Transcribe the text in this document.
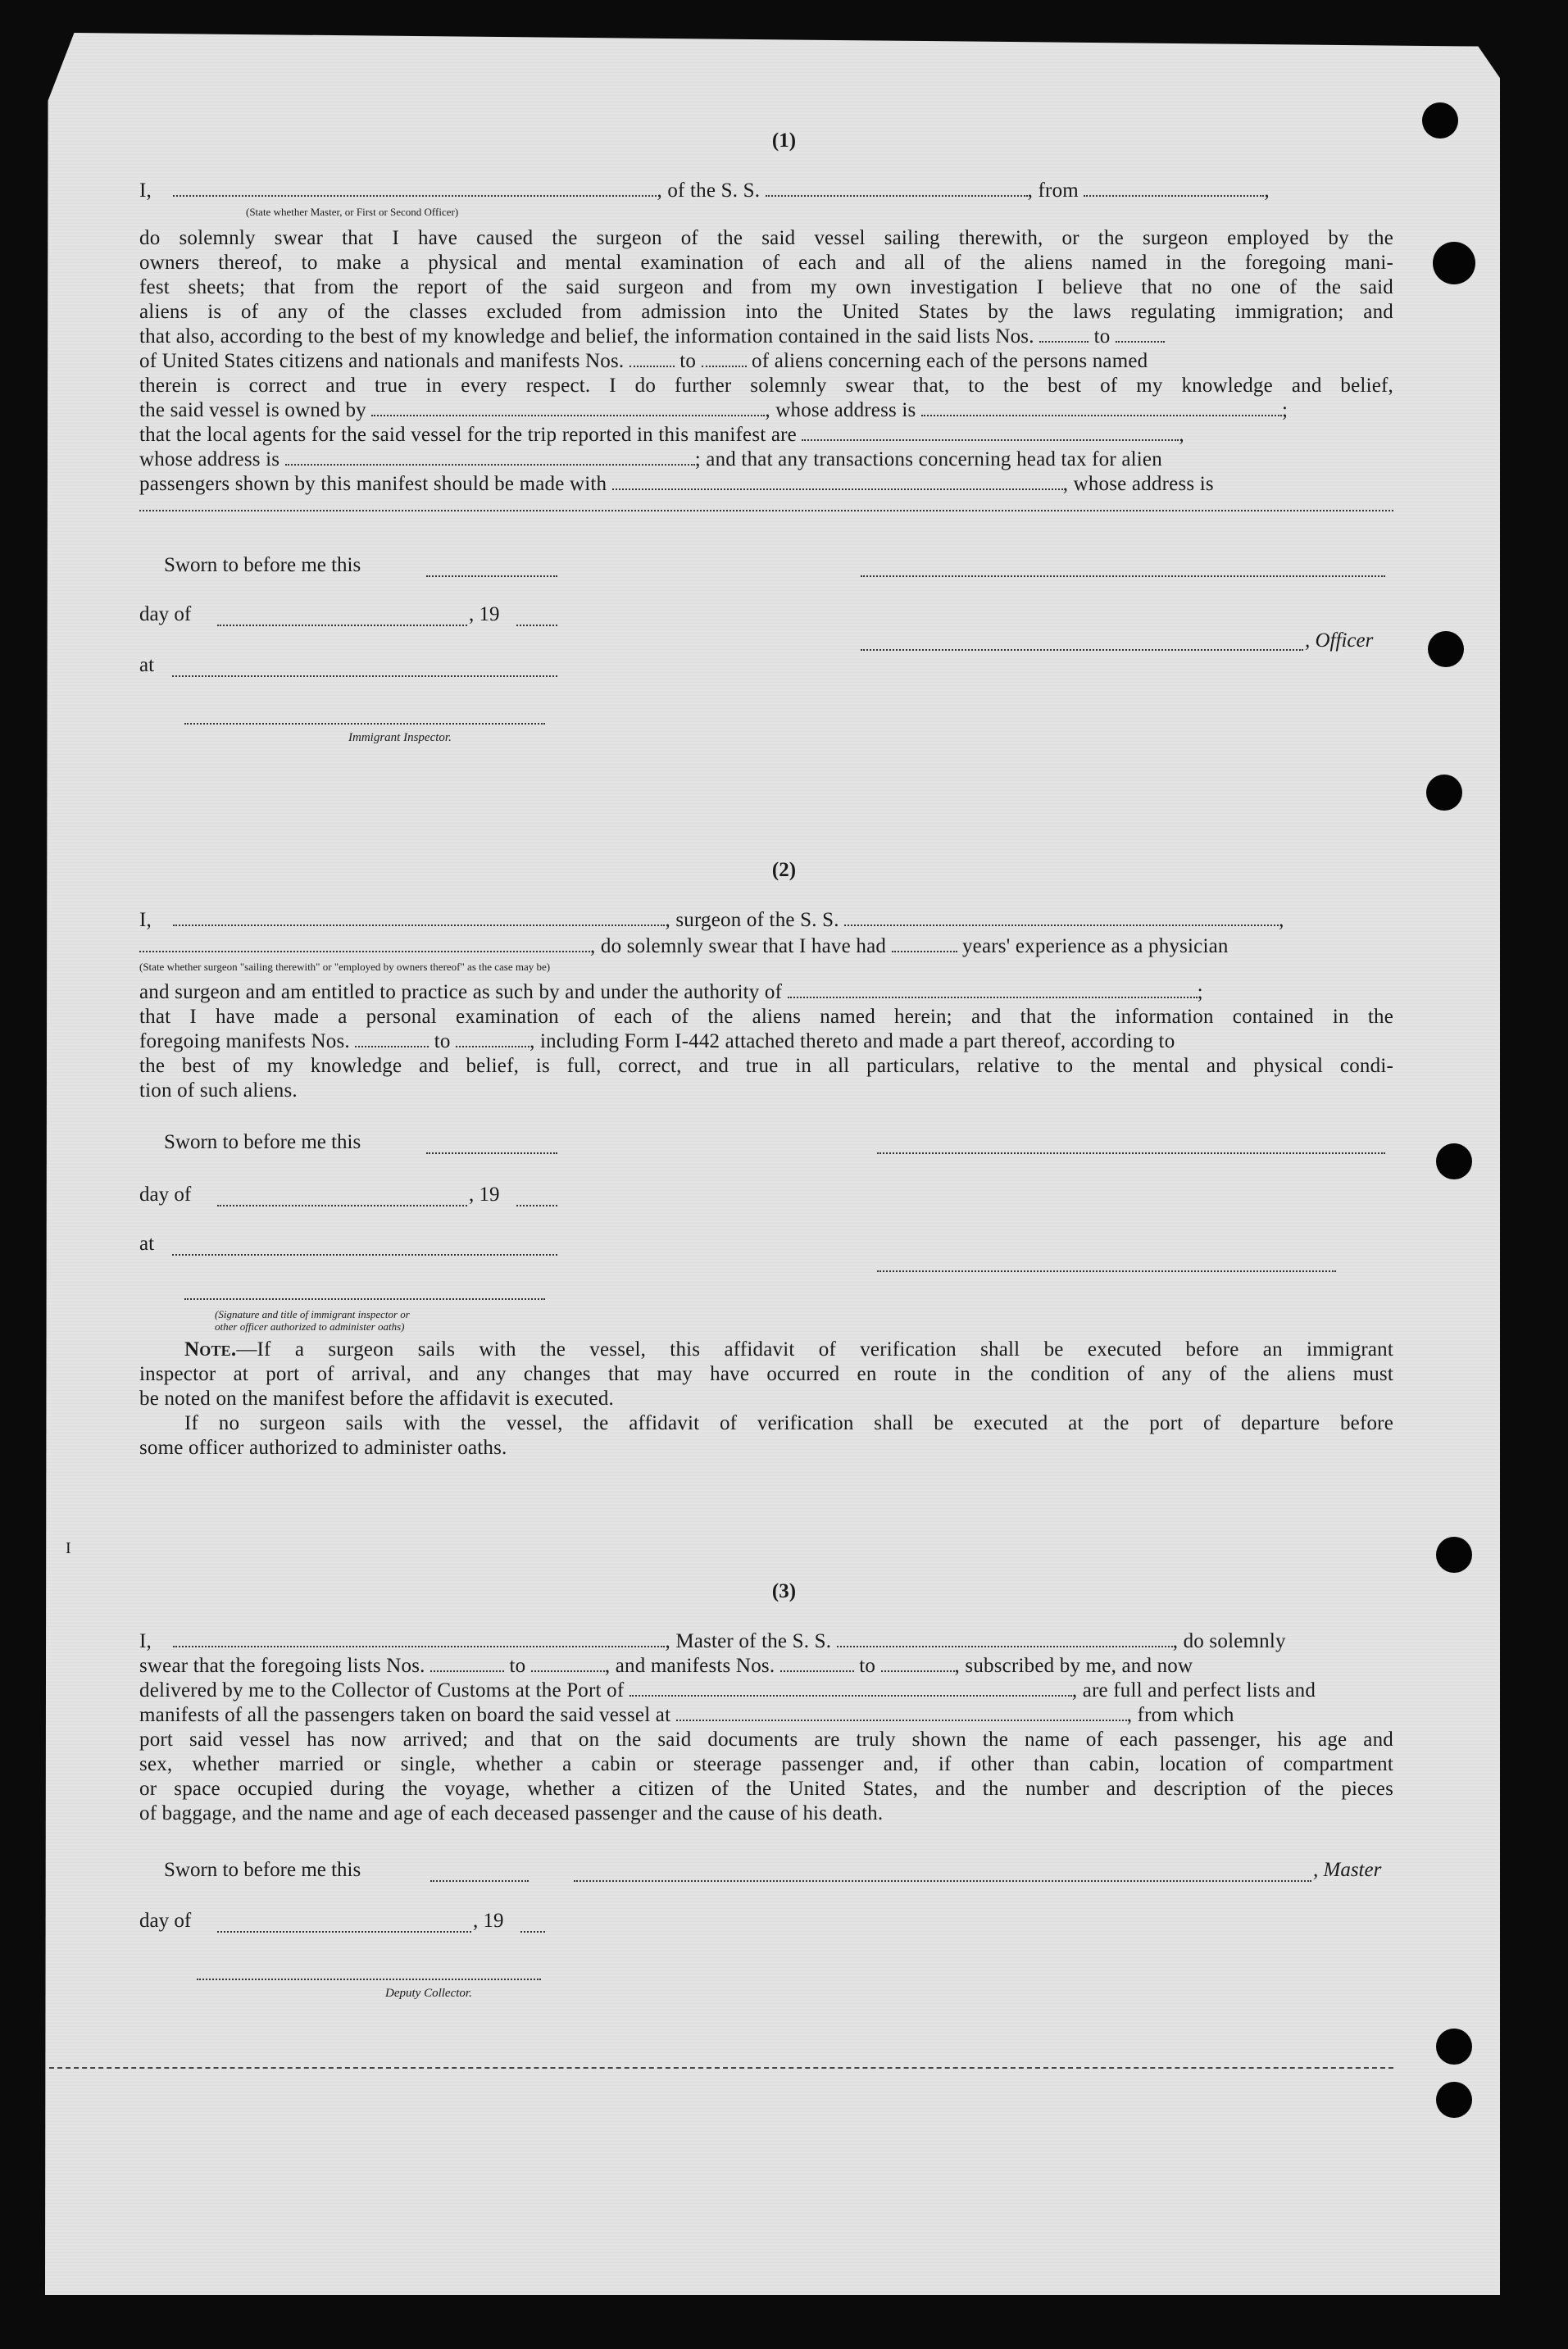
(1)
I,	, of the S. S.	, from	,
(State whether Master, or First or Second Officer)
do solemnly swear that I have caused the surgeon of the said vessel sailing therewith, or the surgeon employed by the
owners thereof, to make a physical and mental examination of each and all of the aliens named in the foregoing mani-
fest sheets; that from the report of the said surgeon and from my own investigation I believe that no one of the said
aliens is of any of the classes excluded from admission into the United States by the laws regulating immigration; and
that also, according to the best of my knowledge and belief, the information contained in the said lists Nos.	to
of United States citizens and nationals and manifests Nos.	to	of aliens concerning each of the persons named
therein is correct and true in every respect. I do further solemnly swear that, to the best of my knowledge and belief,
the said vessel is owned by	, whose address is	;
that the local agents for the said vessel for the trip reported in this manifest are	,
whose address is	; and that any transactions concerning head tax for alien
passengers shown by this manifest should be made with	, whose address is
Sworn to before me this
day of	, 19
, Officer
at
Immigrant Inspector.
(2)
I,	, surgeon of the S. S.	,
, do solemnly swear that I have had	years' experience as a physician
(State whether surgeon "sailing therewith" or "employed by owners thereof" as the case may be)
and surgeon and am entitled to practice as such by and under the authority of	;
that I have made a personal examination of each of the aliens named herein; and that the information contained in the
foregoing manifests Nos.	to	, including Form I-442 attached thereto and made a part thereof, according to
the best of my knowledge and belief, is full, correct, and true in all particulars, relative to the mental and physical condi-
tion of such aliens.
Sworn to before me this
day of	, 19
at
(Signature and title of immigrant inspector or
other officer authorized to administer oaths)
Note.—If a surgeon sails with the vessel, this affidavit of verification shall be executed before an immigrant
inspector at port of arrival, and any changes that may have occurred en route in the condition of any of the aliens must
be noted on the manifest before the affidavit is executed.
If no surgeon sails with the vessel, the affidavit of verification shall be executed at the port of departure before
some officer authorized to administer oaths.
I
(3)
I,	, Master of the S. S.	, do solemnly
swear that the foregoing lists Nos.	to	, and manifests Nos.	to	, subscribed by me, and now
delivered by me to the Collector of Customs at the Port of	, are full and perfect lists and
manifests of all the passengers taken on board the said vessel at	, from which
port said vessel has now arrived; and that on the said documents are truly shown the name of each passenger, his age and
sex, whether married or single, whether a cabin or steerage passenger and, if other than cabin, location of compartment
or space occupied during the voyage, whether a citizen of the United States, and the number and description of the pieces
of baggage, and the name and age of each deceased passenger and the cause of his death.
Sworn to before me this	, Master
day of	, 19
Deputy Collector.
